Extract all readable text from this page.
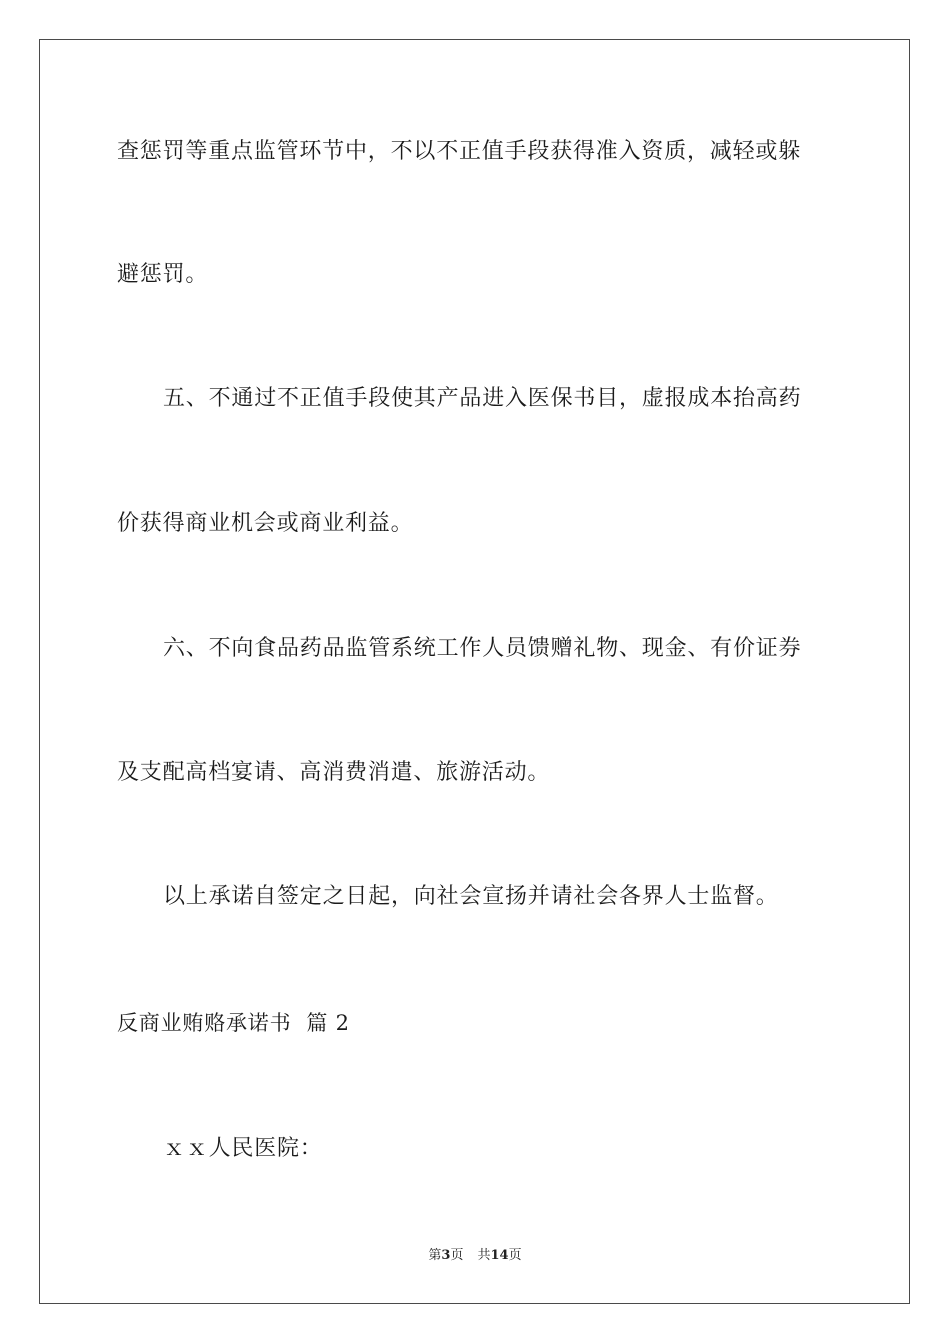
查惩罚等重点监管环节中，不以不正值手段获得准入资质，减轻或躲
避惩罚。
五、不通过不正值手段使其产品进入医保书目，虚报成本抬高药
价获得商业机会或商业利益。
六、不向食品药品监管系统工作人员馈赠礼物、现金、有价证券
及支配高档宴请、高消费消遣、旅游活动。
以上承诺自签定之日起，向社会宣扬并请社会各界人士监督。
反商业贿赂承诺书  篇 2
ｘｘ人民医院：
第3页 共14页
